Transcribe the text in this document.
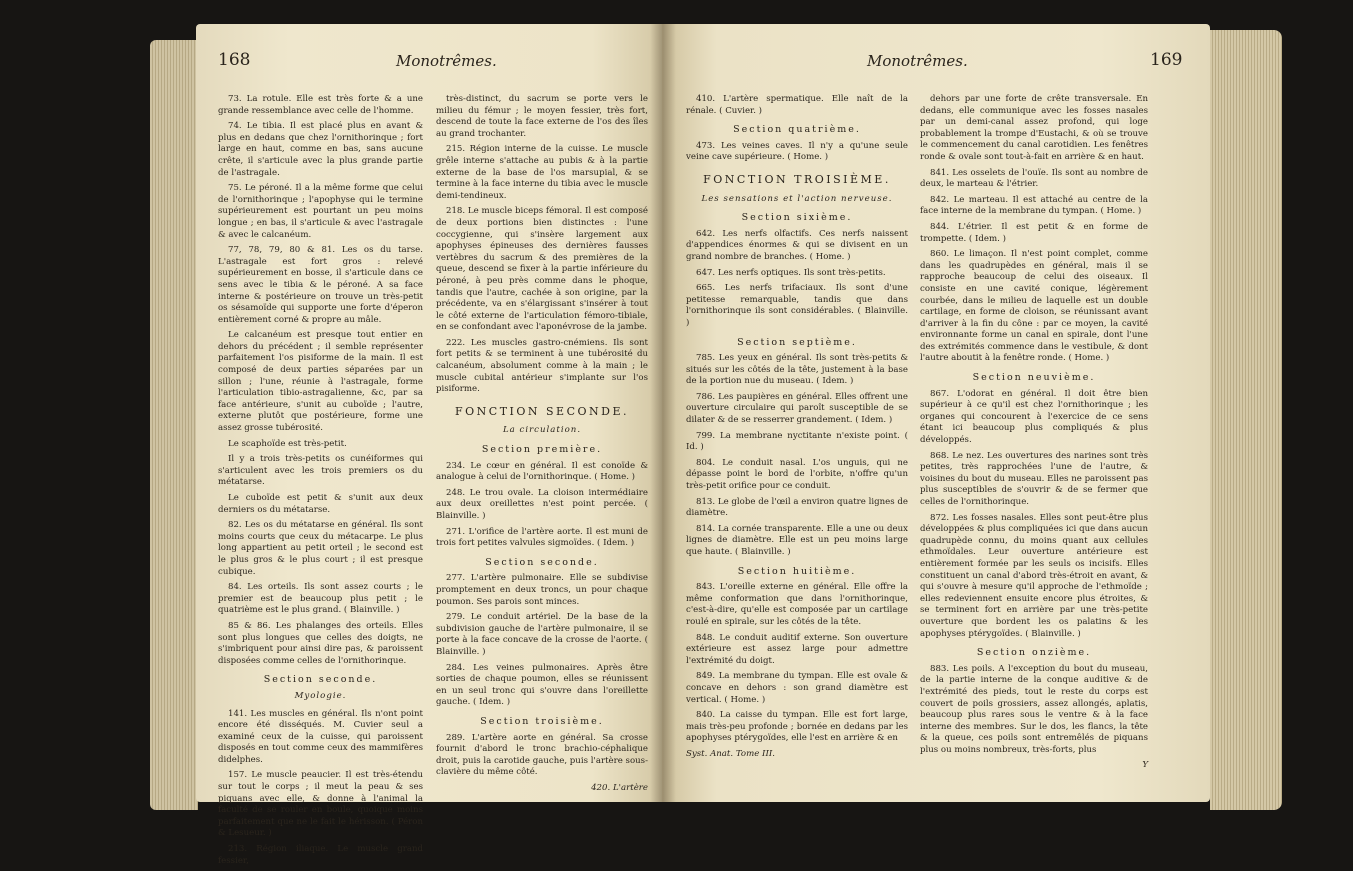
168	Monotrêmes.

73. La rotule. Elle est très forte & a une grande ressemblance avec celle de l'homme.

74. Le tibia. Il est placé plus en avant & plus en dedans que chez l'ornithorinque ; fort large en haut, comme en bas, sans aucune crête, il s'articule avec la plus grande partie de l'astragale.

75. Le péroné. Il a la même forme que celui de l'ornithorinque ; l'apophyse qui le termine supérieurement est pourtant un peu moins longue ; en bas, il s'articule & avec l'astragale & avec le calcanéum.

77, 78, 79, 80 & 81. Les os du tarse. L'astragale est fort gros : relevé supérieurement en bosse, il s'articule dans ce sens avec le tibia & le péroné. A sa face interne & postérieure on trouve un très-petit os sésamoïde qui supporte une forte d'éperon entièrement corné & propre au mâle.

Le calcanéum est presque tout entier en dehors du précédent ; il semble représenter parfaitement l'os pisiforme de la main. Il est composé de deux parties séparées par un sillon ; l'une, réunie à l'astragale, forme l'articulation tibio-astragalienne, &c, par sa face antérieure, s'unit au cuboïde ; l'autre, externe plutôt que postérieure, forme une assez grosse tubérosité.

Le scaphoïde est très-petit.

Il y a trois très-petits os cunéiformes qui s'articulent avec les trois premiers os du métatarse.

Le cuboïde est petit & s'unit aux deux derniers os du métatarse.

82. Les os du métatarse en général. Ils sont moins courts que ceux du métacarpe. Le plus long appartient au petit orteil ; le second est le plus gros & le plus court ; il est presque cubique.

84. Les orteils. Ils sont assez courts ; le premier est de beaucoup plus petit ; le quatrième est le plus grand. ( Blainville. )

85 & 86. Les phalanges des orteils. Elles sont plus longues que celles des doigts, ne s'imbriquent pour ainsi dire pas, & paroissent disposées comme celles de l'ornithorinque.

Section seconde.

Myologie.

141. Les muscles en général. Ils n'ont point encore été disséqués. M. Cuvier seul a examiné ceux de la cuisse, qui paroissent disposés en tout comme ceux des mammifères didelphes.

157. Le muscle peaucier. Il est très-étendu sur tout le corps ; il meut la peau & ses piquans avec elle, & donne à l'animal la faculté de se rouler en boule, quoique moins parfaitement que ne le fait le hérisson. ( Péron & Lesueur. )

213. Région iliaque. Le muscle grand fessier,

très-distinct, du sacrum se porte vers le milieu du fémur ; le moyen fessier, très fort, descend de toute la face externe de l'os des îles au grand trochanter.

215. Région interne de la cuisse. Le muscle grêle interne s'attache au pubis & à la partie externe de la base de l'os marsupial, & se termine à la face interne du tibia avec le muscle demi-tendineux.

218. Le muscle biceps fémoral. Il est composé de deux portions bien distinctes : l'une coccygienne, qui s'insère largement aux apophyses épineuses des dernières fausses vertèbres du sacrum & des premières de la queue, descend se fixer à la partie inférieure du péroné, à peu près comme dans le phoque, tandis que l'autre, cachée à son origine, par la précédente, va en s'élargissant s'insérer à tout le côté externe de l'articulation fémoro-tibiale, en se confondant avec l'aponévrose de la jambe.

222. Les muscles gastro-cnémiens. Ils sont fort petits & se terminent à une tubérosité du calcanéum, absolument comme à la main ; le muscle cubital antérieur s'implante sur l'os pisiforme.

FONCTION SECONDE.

La circulation.

Section première.

234. Le cœur en général. Il est conoïde & analogue à celui de l'ornithorinque. ( Home. )

248. Le trou ovale. La cloison intermédiaire aux deux oreillettes n'est point percée. ( Blainville. )

271. L'orifice de l'artère aorte. Il est muni de trois fort petites valvules sigmoïdes. ( Idem. )

Section seconde.

277. L'artère pulmonaire. Elle se subdivise promptement en deux troncs, un pour chaque poumon. Ses parois sont minces.

279. Le conduit artériel. De la base de la subdivision gauche de l'artère pulmonaire, il se porte à la face concave de la crosse de l'aorte. ( Blainville. )

284. Les veines pulmonaires. Après être sorties de chaque poumon, elles se réunissent en un seul tronc qui s'ouvre dans l'oreillette gauche. ( Idem. )

Section troisième.

289. L'artère aorte en général. Sa crosse fournit d'abord le tronc brachio-céphalique droit, puis la carotide gauche, puis l'artère sous-clavière du même côté.

420. L'artère

Monotrêmes.	169

410. L'artère spermatique. Elle naît de la rénale. ( Cuvier. )

Section quatrième.

473. Les veines caves. Il n'y a qu'une seule veine cave supérieure. ( Home. )

FONCTION TROISIÈME.

Les sensations et l'action nerveuse.

Section sixième.

642. Les nerfs olfactifs. Ces nerfs naissent d'appendices énormes & qui se divisent en un grand nombre de branches. ( Home. )

647. Les nerfs optiques. Ils sont très-petits.

665. Les nerfs trifaciaux. Ils sont d'une petitesse remarquable, tandis que dans l'ornithorinque ils sont considérables. ( Blainville. )

Section septième.

785. Les yeux en général. Ils sont très-petits & situés sur les côtés de la tête, justement à la base de la portion nue du museau. ( Idem. )

786. Les paupières en général. Elles offrent une ouverture circulaire qui paroît susceptible de se dilater & de se resserrer grandement. ( Idem. )

799. La membrane nyctitante n'existe point. ( Id. )

804. Le conduit nasal. L'os unguis, qui ne dépasse point le bord de l'orbite, n'offre qu'un très-petit orifice pour ce conduit.

813. Le globe de l'œil a environ quatre lignes de diamètre.

814. La cornée transparente. Elle a une ou deux lignes de diamètre. Elle est un peu moins large que haute. ( Blainville. )

Section huitième.

843. L'oreille externe en général. Elle offre la même conformation que dans l'ornithorinque, c'est-à-dire, qu'elle est composée par un cartilage roulé en spirale, sur les côtés de la tête.

848. Le conduit auditif externe. Son ouverture extérieure est assez large pour admettre l'extrémité du doigt.

849. La membrane du tympan. Elle est ovale & concave en dehors : son grand diamètre est vertical. ( Home. )

840. La caisse du tympan. Elle est fort large, mais très-peu profonde ; bornée en dedans par les apophyses ptérygoïdes, elle l'est en arrière & en

Syst. Anat. Tome III.

dehors par une forte de crête transversale. En dedans, elle communique avec les fosses nasales par un demi-canal assez profond, qui loge probablement la trompe d'Eustachi, & où se trouve le commencement du canal carotidien. Les fenêtres ronde & ovale sont tout-à-fait en arrière & en haut.

841. Les osselets de l'ouïe. Ils sont au nombre de deux, le marteau & l'étrier.

842. Le marteau. Il est attaché au centre de la face interne de la membrane du tympan. ( Home. )

844. L'étrier. Il est petit & en forme de trompette. ( Idem. )

860. Le limaçon. Il n'est point complet, comme dans les quadrupèdes en général, mais il se rapproche beaucoup de celui des oiseaux. Il consiste en une cavité conique, légèrement courbée, dans le milieu de laquelle est un double cartilage, en forme de cloison, se réunissant avant d'arriver à la fin du cône : par ce moyen, la cavité environnante forme un canal en spirale, dont l'une des extrémités commence dans le vestibule, & dont l'autre aboutit à la fenêtre ronde. ( Home. )

Section neuvième.

867. L'odorat en général. Il doit être bien supérieur à ce qu'il est chez l'ornithorinque ; les organes qui concourent à l'exercice de ce sens étant ici beaucoup plus compliqués & plus développés.

868. Le nez. Les ouvertures des narines sont très petites, très rapprochées l'une de l'autre, & voisines du bout du museau. Elles ne paroissent pas plus susceptibles de s'ouvrir & de se fermer que celles de l'ornithorinque.

872. Les fosses nasales. Elles sont peut-être plus développées & plus compliquées ici que dans aucun quadrupède connu, du moins quant aux cellules ethmoïdales. Leur ouverture antérieure est entièrement formée par les seuls os incisifs. Elles constituent un canal d'abord très-étroit en avant, & qui s'ouvre à mesure qu'il approche de l'ethmoïde ; elles redeviennent ensuite encore plus étroites, & se terminent fort en arrière par une très-petite ouverture que bordent les os palatins & les apophyses ptérygoïdes. ( Blainville. )

Section onzième.

883. Les poils. A l'exception du bout du museau, de la partie interne de la conque auditive & de l'extrémité des pieds, tout le reste du corps est couvert de poils grossiers, assez allongés, aplatis, beaucoup plus rares sous le ventre & à la face interne des membres. Sur le dos, les flancs, la tête & la queue, ces poils sont entremêlés de piquans plus ou moins nombreux, très-forts, plus

Y
